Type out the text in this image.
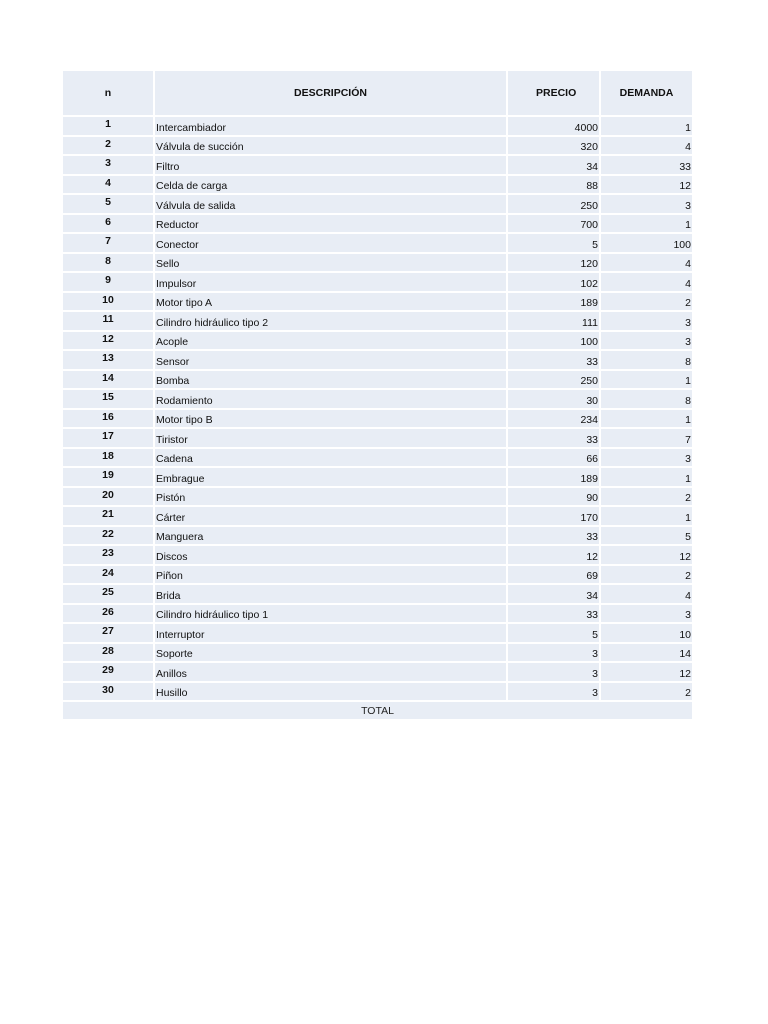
n	DESCRIPCIÓN	PRECIO	DEMANDA

1	Intercambiador	4000	1
2	Válvula de succión	320	4
3	Filtro	34	33
4	Celda de carga	88	12
5	Válvula de salida	250	3
6	Reductor	700	1
7	Conector	5	100
8	Sello	120	4
9	Impulsor	102	4
10	Motor tipo A	189	2
11	Cilindro hidráulico tipo 2	111	3
12	Acople	100	3
13	Sensor	33	8
14	Bomba	250	1
15	Rodamiento	30	8
16	Motor tipo B	234	1
17	Tiristor	33	7
18	Cadena	66	3
19	Embrague	189	1
20	Pistón	90	2
21	Cárter	170	1
22	Manguera	33	5
23	Discos	12	12
24	Piñon	69	2
25	Brida	34	4
26	Cilindro hidráulico tipo 1	33	3
27	Interruptor	5	10
28	Soporte	3	14
29	Anillos	3	12
30	Husillo	3	2
TOTAL			
